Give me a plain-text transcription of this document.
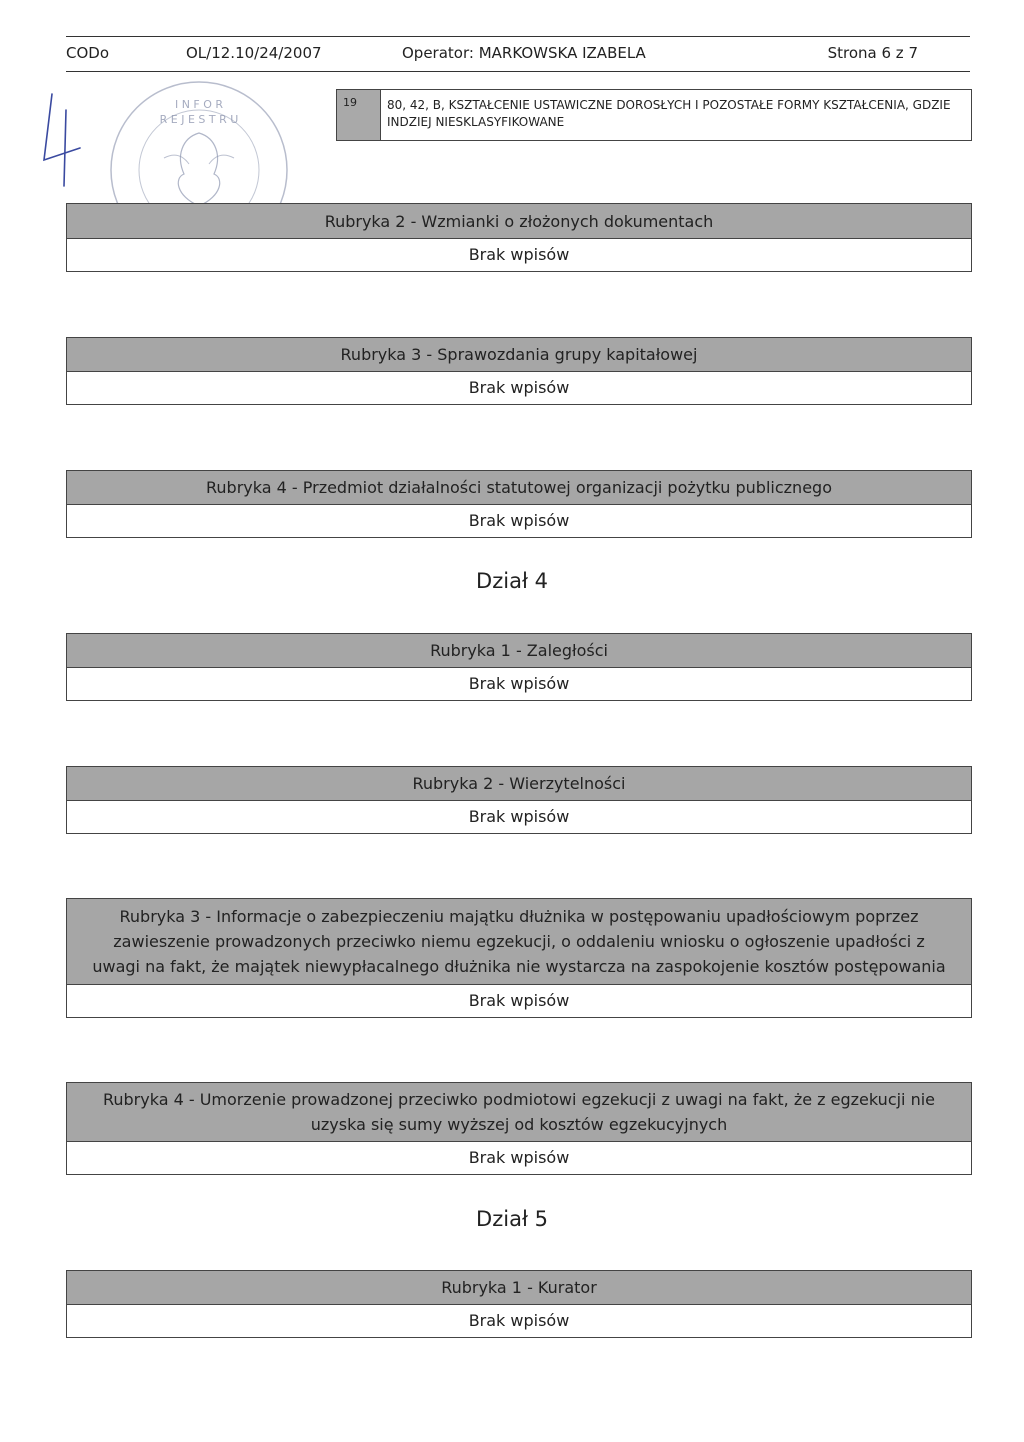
CODo	OL/12.10/24/2007	Operator: MARKOWSKA IZABELA	Strona 6 z 7
I N F O R
R E J E S T R U
19	80, 42, B, KSZTAŁCENIE USTAWICZNE DOROSŁYCH I POZOSTAŁE FORMY KSZTAŁCENIA, GDZIE INDZIEJ NIESKLASYFIKOWANE
Rubryka 2 - Wzmianki o złożonych dokumentach
Brak wpisów
Rubryka 3 - Sprawozdania grupy kapitałowej
Brak wpisów
Rubryka 4 - Przedmiot działalności statutowej organizacji pożytku publicznego
Brak wpisów
Dział 4
Rubryka 1 - Zaległości
Brak wpisów
Rubryka 2 - Wierzytelności
Brak wpisów
Rubryka 3 - Informacje o zabezpieczeniu majątku dłużnika w postępowaniu upadłościowym poprzez zawieszenie prowadzonych przeciwko niemu egzekucji, o oddaleniu wniosku o ogłoszenie upadłości z uwagi na fakt, że majątek niewypłacalnego dłużnika nie wystarcza na zaspokojenie kosztów postępowania
Brak wpisów
Rubryka 4 - Umorzenie prowadzonej przeciwko podmiotowi egzekucji z uwagi na fakt, że z egzekucji nie uzyska się sumy wyższej od kosztów egzekucyjnych
Brak wpisów
Dział 5
Rubryka 1 - Kurator
Brak wpisów
